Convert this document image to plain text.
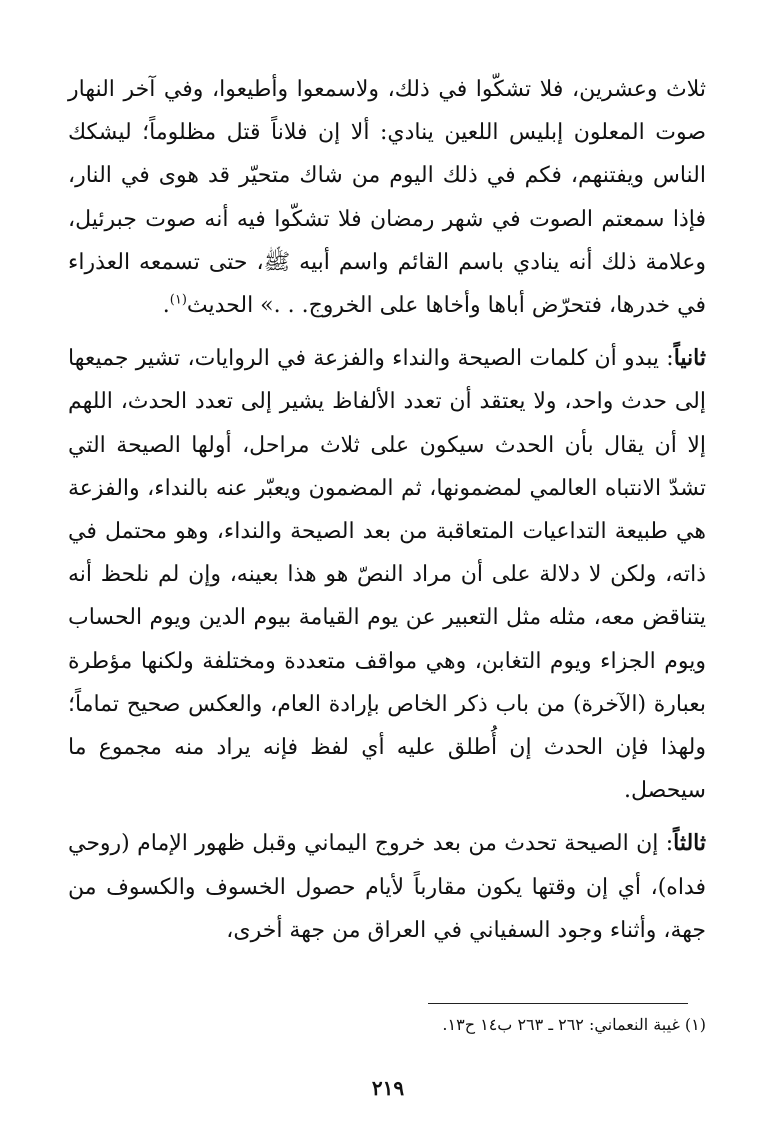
ثلاث وعشرين، فلا تشكّوا في ذلك، ولاسمعوا وأطيعوا، وفي آخر النهار صوت المعلون إبليس اللعين ينادي: ألا إن فلاناً قتل مظلوماً؛ ليشكك الناس ويفتنهم، فكم في ذلك اليوم من شاك متحيّر قد هوى في النار، فإذا سمعتم الصوت في شهر رمضان فلا تشكّوا فيه أنه صوت جبرئيل، وعلامة ذلك أنه ينادي باسم القائم واسم أبيه ﷺ، حتى تسمعه العذراء في خدرها، فتحرّض أباها وأخاها على الخروج. . .» الحديث$^{(١)}$.

ثانياً: يبدو أن كلمات الصيحة والنداء والفزعة في الروايات، تشير جميعها إلى حدث واحد، ولا يعتقد أن تعدد الألفاظ يشير إلى تعدد الحدث، اللهم إلا أن يقال بأن الحدث سيكون على ثلاث مراحل، أولها الصيحة التي تشدّ الانتباه العالمي لمضمونها، ثم المضمون ويعبّر عنه بالنداء، والفزعة هي طبيعة التداعيات المتعاقبة من بعد الصيحة والنداء، وهو محتمل في ذاته، ولكن لا دلالة على أن مراد النصّ هو هذا بعينه، وإن لم نلحظ أنه يتناقض معه، مثله مثل التعبير عن يوم القيامة بيوم الدين ويوم الحساب ويوم الجزاء ويوم التغابن، وهي مواقف متعددة ومختلفة ولكنها مؤطرة بعبارة (الآخرة) من باب ذكر الخاص بإرادة العام، والعكس صحيح تماماً؛ ولهذا فإن الحدث إن أُطلق عليه أي لفظ فإنه يراد منه مجموع ما سيحصل.

ثالثاً: إن الصيحة تحدث من بعد خروج اليماني وقبل ظهور الإمام (روحي فداه)، أي إن وقتها يكون مقارباً لأيام حصول الخسوف والكسوف من جهة، وأثناء وجود السفياني في العراق من جهة أخرى،

(١) غيبة النعماني: ٢٦٢ ـ ٢٦٣ ب١٤ ح١٣.
٢١٩
